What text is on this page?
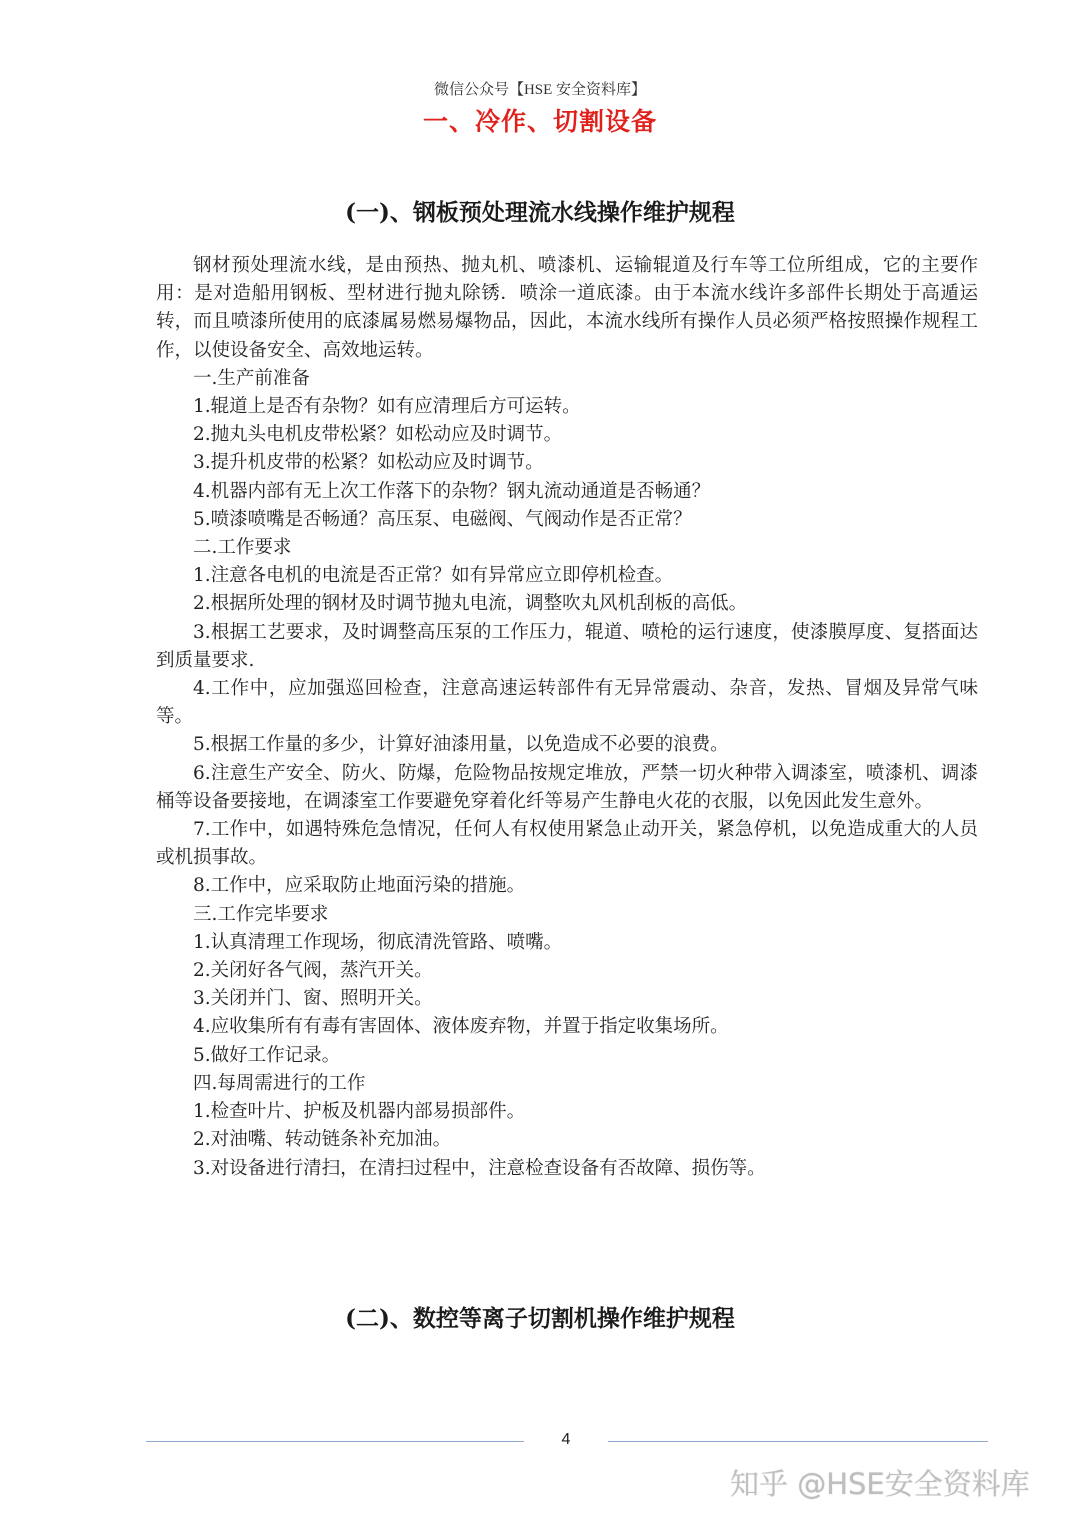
微信公众号【HSE 安全资料库】
一、冷作、切割设备
(一)、钢板预处理流水线操作维护规程

钢材预处理流水线，是由预热、抛丸机、喷漆机、运输辊道及行车等工位所组成，它的主要作用：是对造船用钢板、型材进行抛丸除锈．喷涂一道底漆。由于本流水线许多部件长期处于高遁运转，而且喷漆所使用的底漆属易燃易爆物品，因此，本流水线所有操作人员必须严格按照操作规程工作，以使设备安全、高效地运转。

一.生产前准备

1.辊道上是否有杂物？如有应清理后方可运转。

2.抛丸头电机皮带松紧？如松动应及时调节。

3.提升机皮带的松紧？如松动应及时调节。

4.机器内部有无上次工作落下的杂物？钢丸流动通道是否畅通？

5.喷漆喷嘴是否畅通？高压泵、电磁阀、气阀动作是否正常？

二.工作要求

1.注意各电机的电流是否正常？如有异常应立即停机检查。

2.根据所处理的钢材及时调节抛丸电流，调整吹丸风机刮板的高低。

3.根据工艺要求，及时调整高压泵的工作压力，辊道、喷枪的运行速度，使漆膜厚度、复搭面达到质量要求.

4.工作中，应加强巡回检查，注意高速运转部件有无异常震动、杂音，发热、冒烟及异常气味等。

5.根据工作量的多少，计算好油漆用量，以免造成不必要的浪费。

6.注意生产安全、防火、防爆，危险物品按规定堆放，严禁一切火种带入调漆室，喷漆机、调漆桶等设备要接地，在调漆室工作要避免穿着化纤等易产生静电火花的衣服，以免因此发生意外。

7.工作中，如遇特殊危急情况，任何人有权使用紧急止动开关，紧急停机，以免造成重大的人员或机损事故。

8.工作中，应采取防止地面污染的措施。

三.工作完毕要求

1.认真清理工作现场，彻底清洗管路、喷嘴。

2.关闭好各气阀，蒸汽开关。

3.关闭并门、窗、照明开关。

4.应收集所有有毒有害固体、液体废弃物，并置于指定收集场所。

5.做好工作记录。

四.每周需进行的工作

1.检查叶片、护板及机器内部易损部件。

2.对油嘴、转动链条补充加油。

3.对设备进行清扫，在清扫过程中，注意检查设备有否故障、损伤等。

(二)、数控等离子切割机操作维护规程
4
知乎 @HSE安全资料库
